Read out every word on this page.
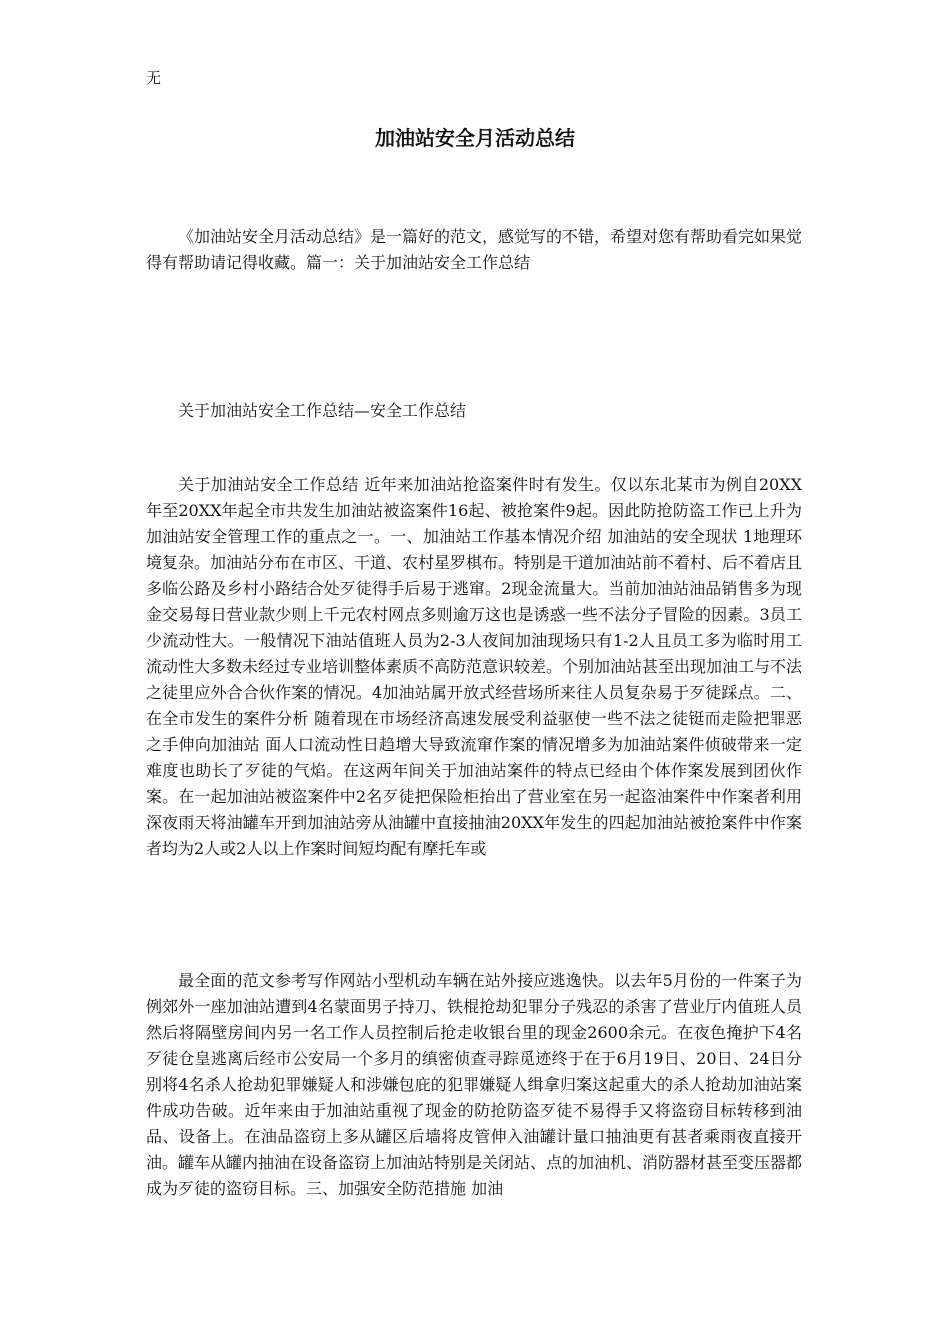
无
加油站安全月活动总结
《加油站安全月活动总结》是一篇好的范文，感觉写的不错，希望对您有帮助看完如果觉得有帮助请记得收藏。篇一：关于加油站安全工作总结
关于加油站安全工作总结—安全工作总结
关于加油站安全工作总结 近年来加油站抢盗案件时有发生。仅以东北某市为例自20XX年至20XX年起全市共发生加油站被盗案件16起、被抢案件9起。因此防抢防盗工作已上升为加油站安全管理工作的重点之一。一、加油站工作基本情况介绍 加油站的安全现状 1地理环境复杂。加油站分布在市区、干道、农村星罗棋布。特别是干道加油站前不着村、后不着店且多临公路及乡村小路结合处歹徒得手后易于逃窜。2现金流量大。当前加油站油品销售多为现金交易每日营业款少则上千元农村网点多则逾万这也是诱惑一些不法分子冒险的因素。3员工少流动性大。一般情况下油站值班人员为2-3人夜间加油现场只有1-2人且员工多为临时用工流动性大多数未经过专业培训整体素质不高防范意识较差。个别加油站甚至出现加油工与不法之徒里应外合合伙作案的情况。4加油站属开放式经营场所来往人员复杂易于歹徒踩点。二、在全市发生的案件分析 随着现在市场经济高速发展受利益驱使一些不法之徒铤而走险把罪恶之手伸向加油站 面人口流动性日趋增大导致流窜作案的情况增多为加油站案件侦破带来一定难度也助长了歹徒的气焰。在这两年间关于加油站案件的特点已经由个体作案发展到团伙作案。在一起加油站被盗案件中2名歹徒把保险柜抬出了营业室在另一起盗油案件中作案者利用深夜雨天将油罐车开到加油站旁从油罐中直接抽油20XX年发生的四起加油站被抢案件中作案者均为2人或2人以上作案时间短均配有摩托车或
最全面的范文参考写作网站小型机动车辆在站外接应逃逸快。以去年5月份的一件案子为例郊外一座加油站遭到4名蒙面男子持刀、铁棍抢劫犯罪分子残忍的杀害了营业厅内值班人员然后将隔壁房间内另一名工作人员控制后抢走收银台里的现金2600余元。在夜色掩护下4名歹徒仓皇逃离后经市公安局一个多月的缜密侦查寻踪觅迹终于在于6月19日、20日、24日分别将4名杀人抢劫犯罪嫌疑人和涉嫌包庇的犯罪嫌疑人缉拿归案这起重大的杀人抢劫加油站案件成功告破。近年来由于加油站重视了现金的防抢防盗歹徒不易得手又将盗窃目标转移到油品、设备上。在油品盗窃上多从罐区后墙将皮管伸入油罐计量口抽油更有甚者乘雨夜直接开油。罐车从罐内抽油在设备盗窃上加油站特别是关闭站、点的加油机、消防器材甚至变压器都成为歹徒的盗窃目标。三、加强安全防范措施 加油
